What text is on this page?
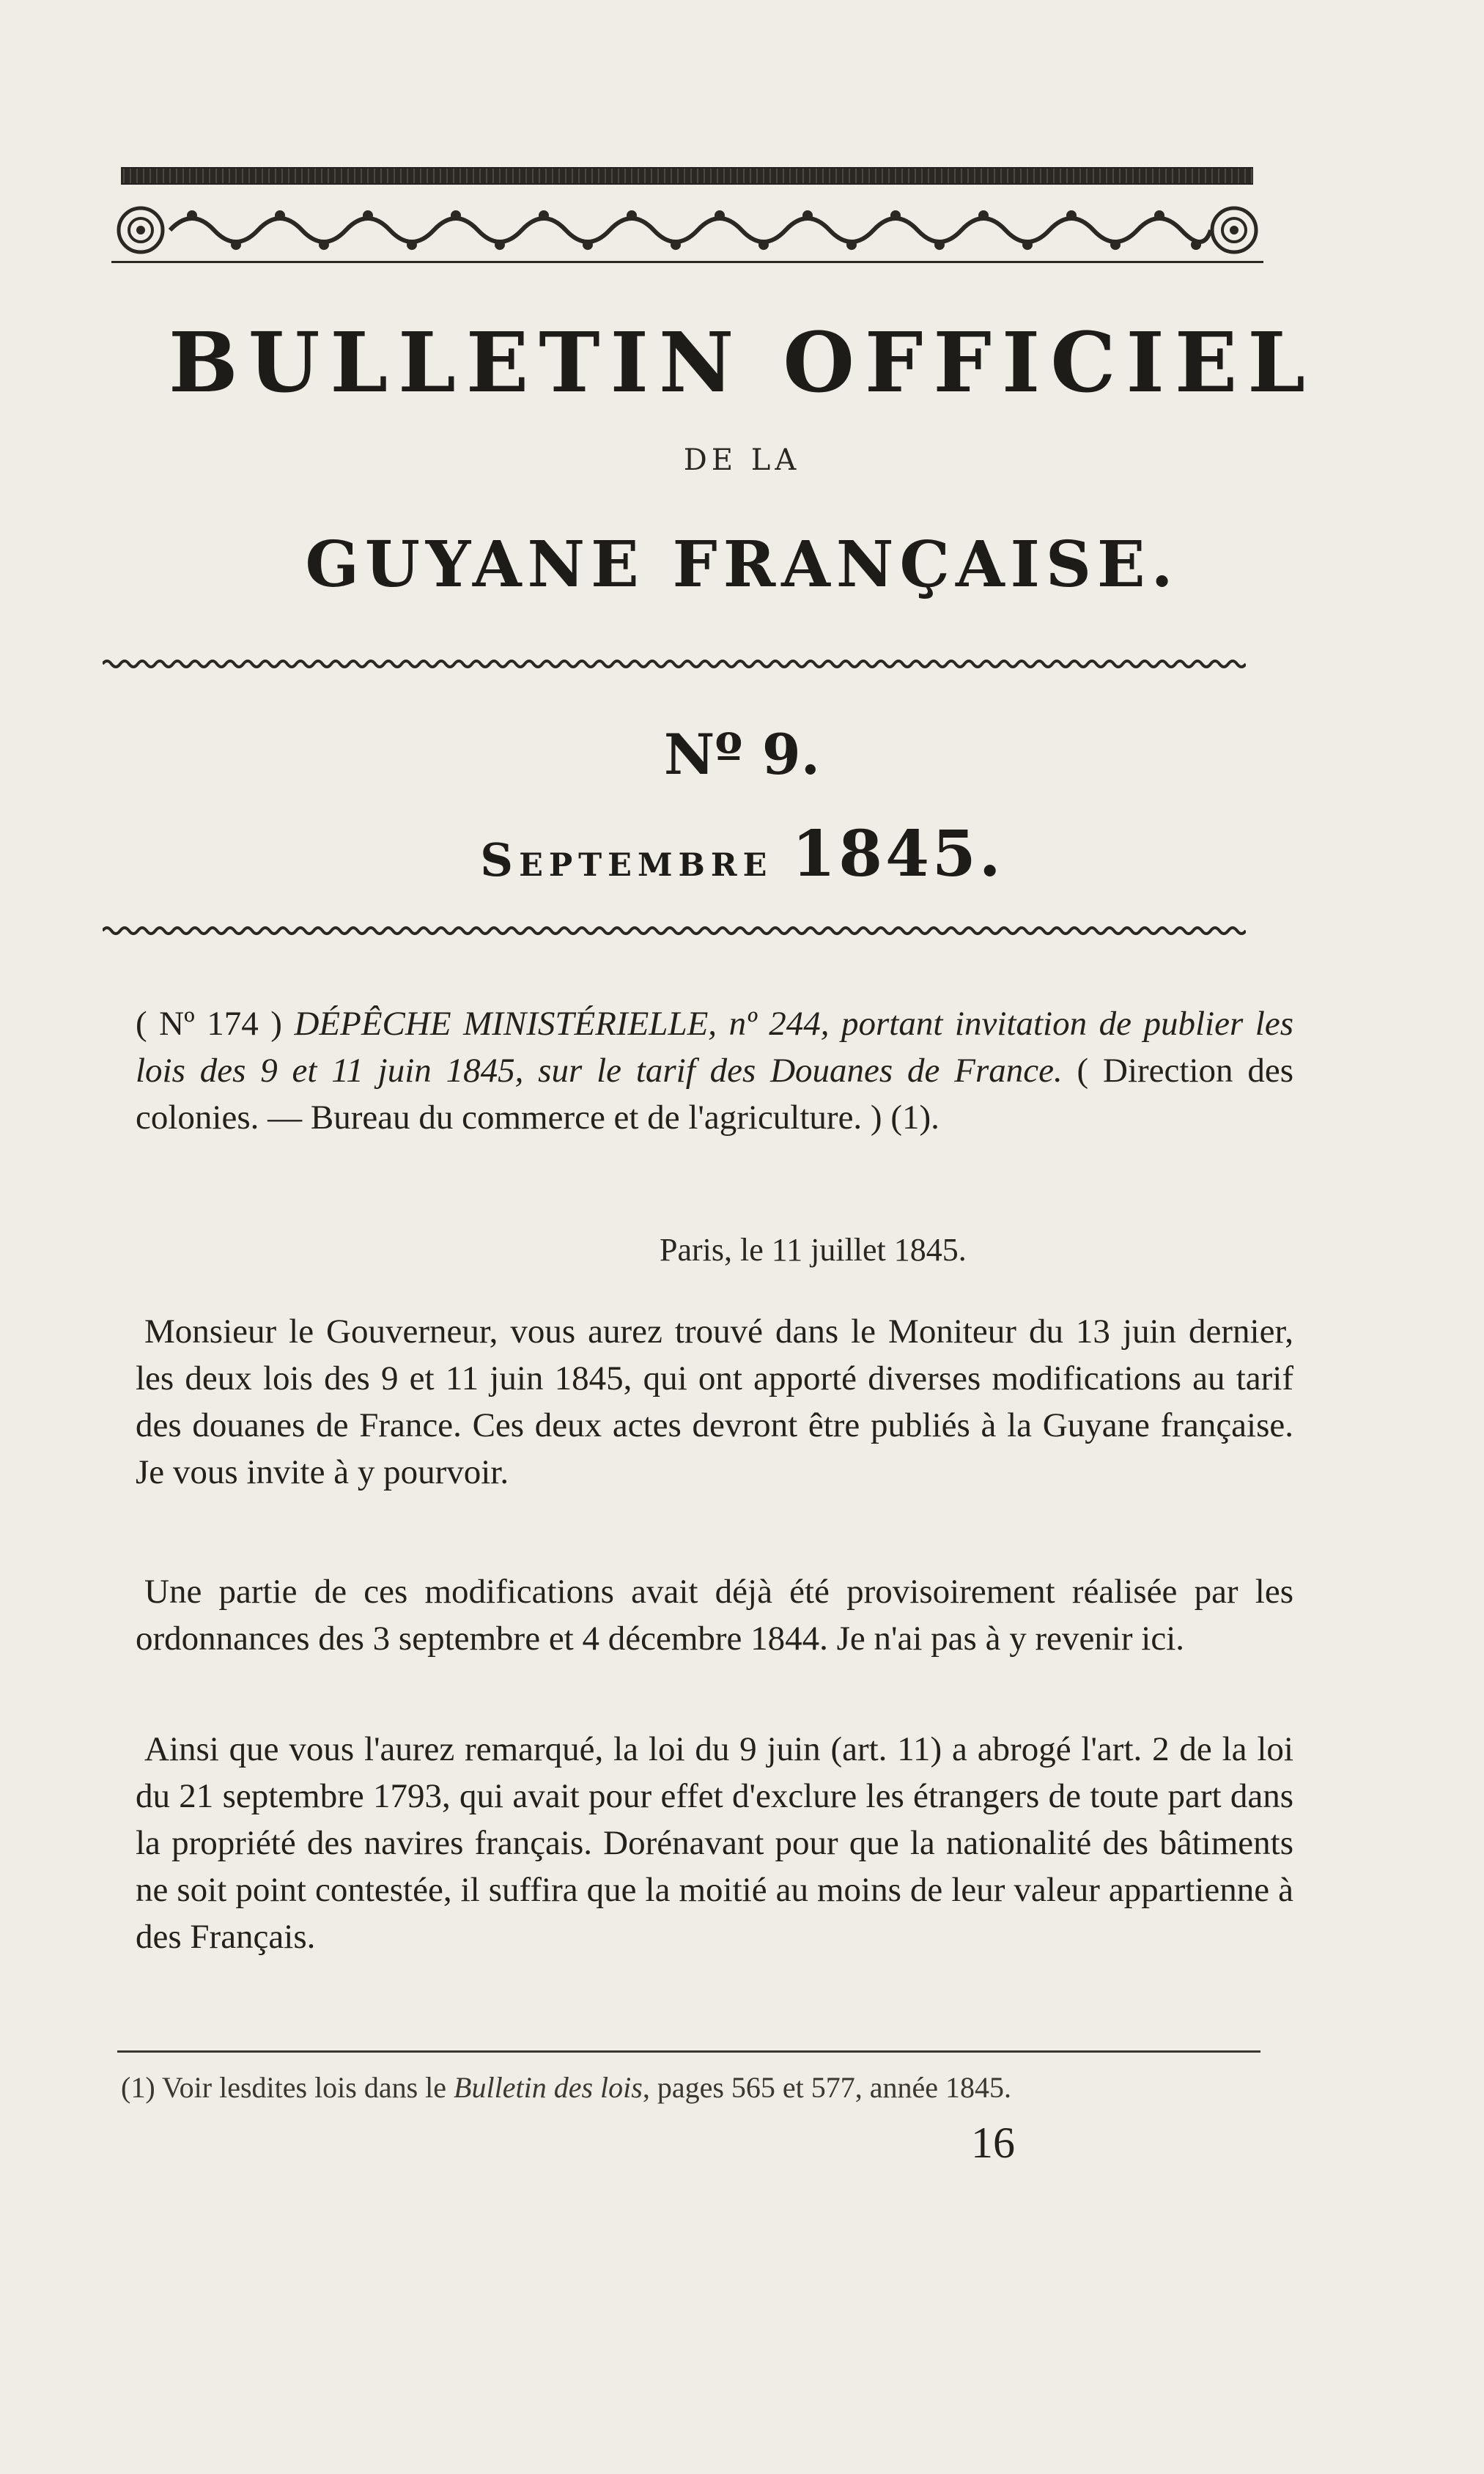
BULLETIN OFFICIEL
DE LA
GUYANE FRANÇAISE.
Nº 9.
Septembre 1845.
( Nº 174 ) DÉPÊCHE MINISTÉRIELLE, nº 244, portant invitation de publier les lois des 9 et 11 juin 1845, sur le tarif des Douanes de France. ( Direction des colonies. — Bureau du commerce et de l'agriculture. ) (1).
Paris, le 11 juillet 1845.

Monsieur le Gouverneur, vous aurez trouvé dans le Moniteur du 13 juin dernier, les deux lois des 9 et 11 juin 1845, qui ont apporté diverses modifications au tarif des douanes de France. Ces deux actes devront être publiés à la Guyane française. Je vous invite à y pourvoir.

Une partie de ces modifications avait déjà été provisoirement réalisée par les ordonnances des 3 septembre et 4 décembre 1844. Je n'ai pas à y revenir ici.

Ainsi que vous l'aurez remarqué, la loi du 9 juin (art. 11) a abrogé l'art. 2 de la loi du 21 septembre 1793, qui avait pour effet d'exclure les étrangers de toute part dans la propriété des navires français. Dorénavant pour que la nationalité des bâtiments ne soit point contestée, il suffira que la moitié au moins de leur valeur appartienne à des Français.

(1) Voir lesdites lois dans le Bulletin des lois, pages 565 et 577, année 1845.
16
